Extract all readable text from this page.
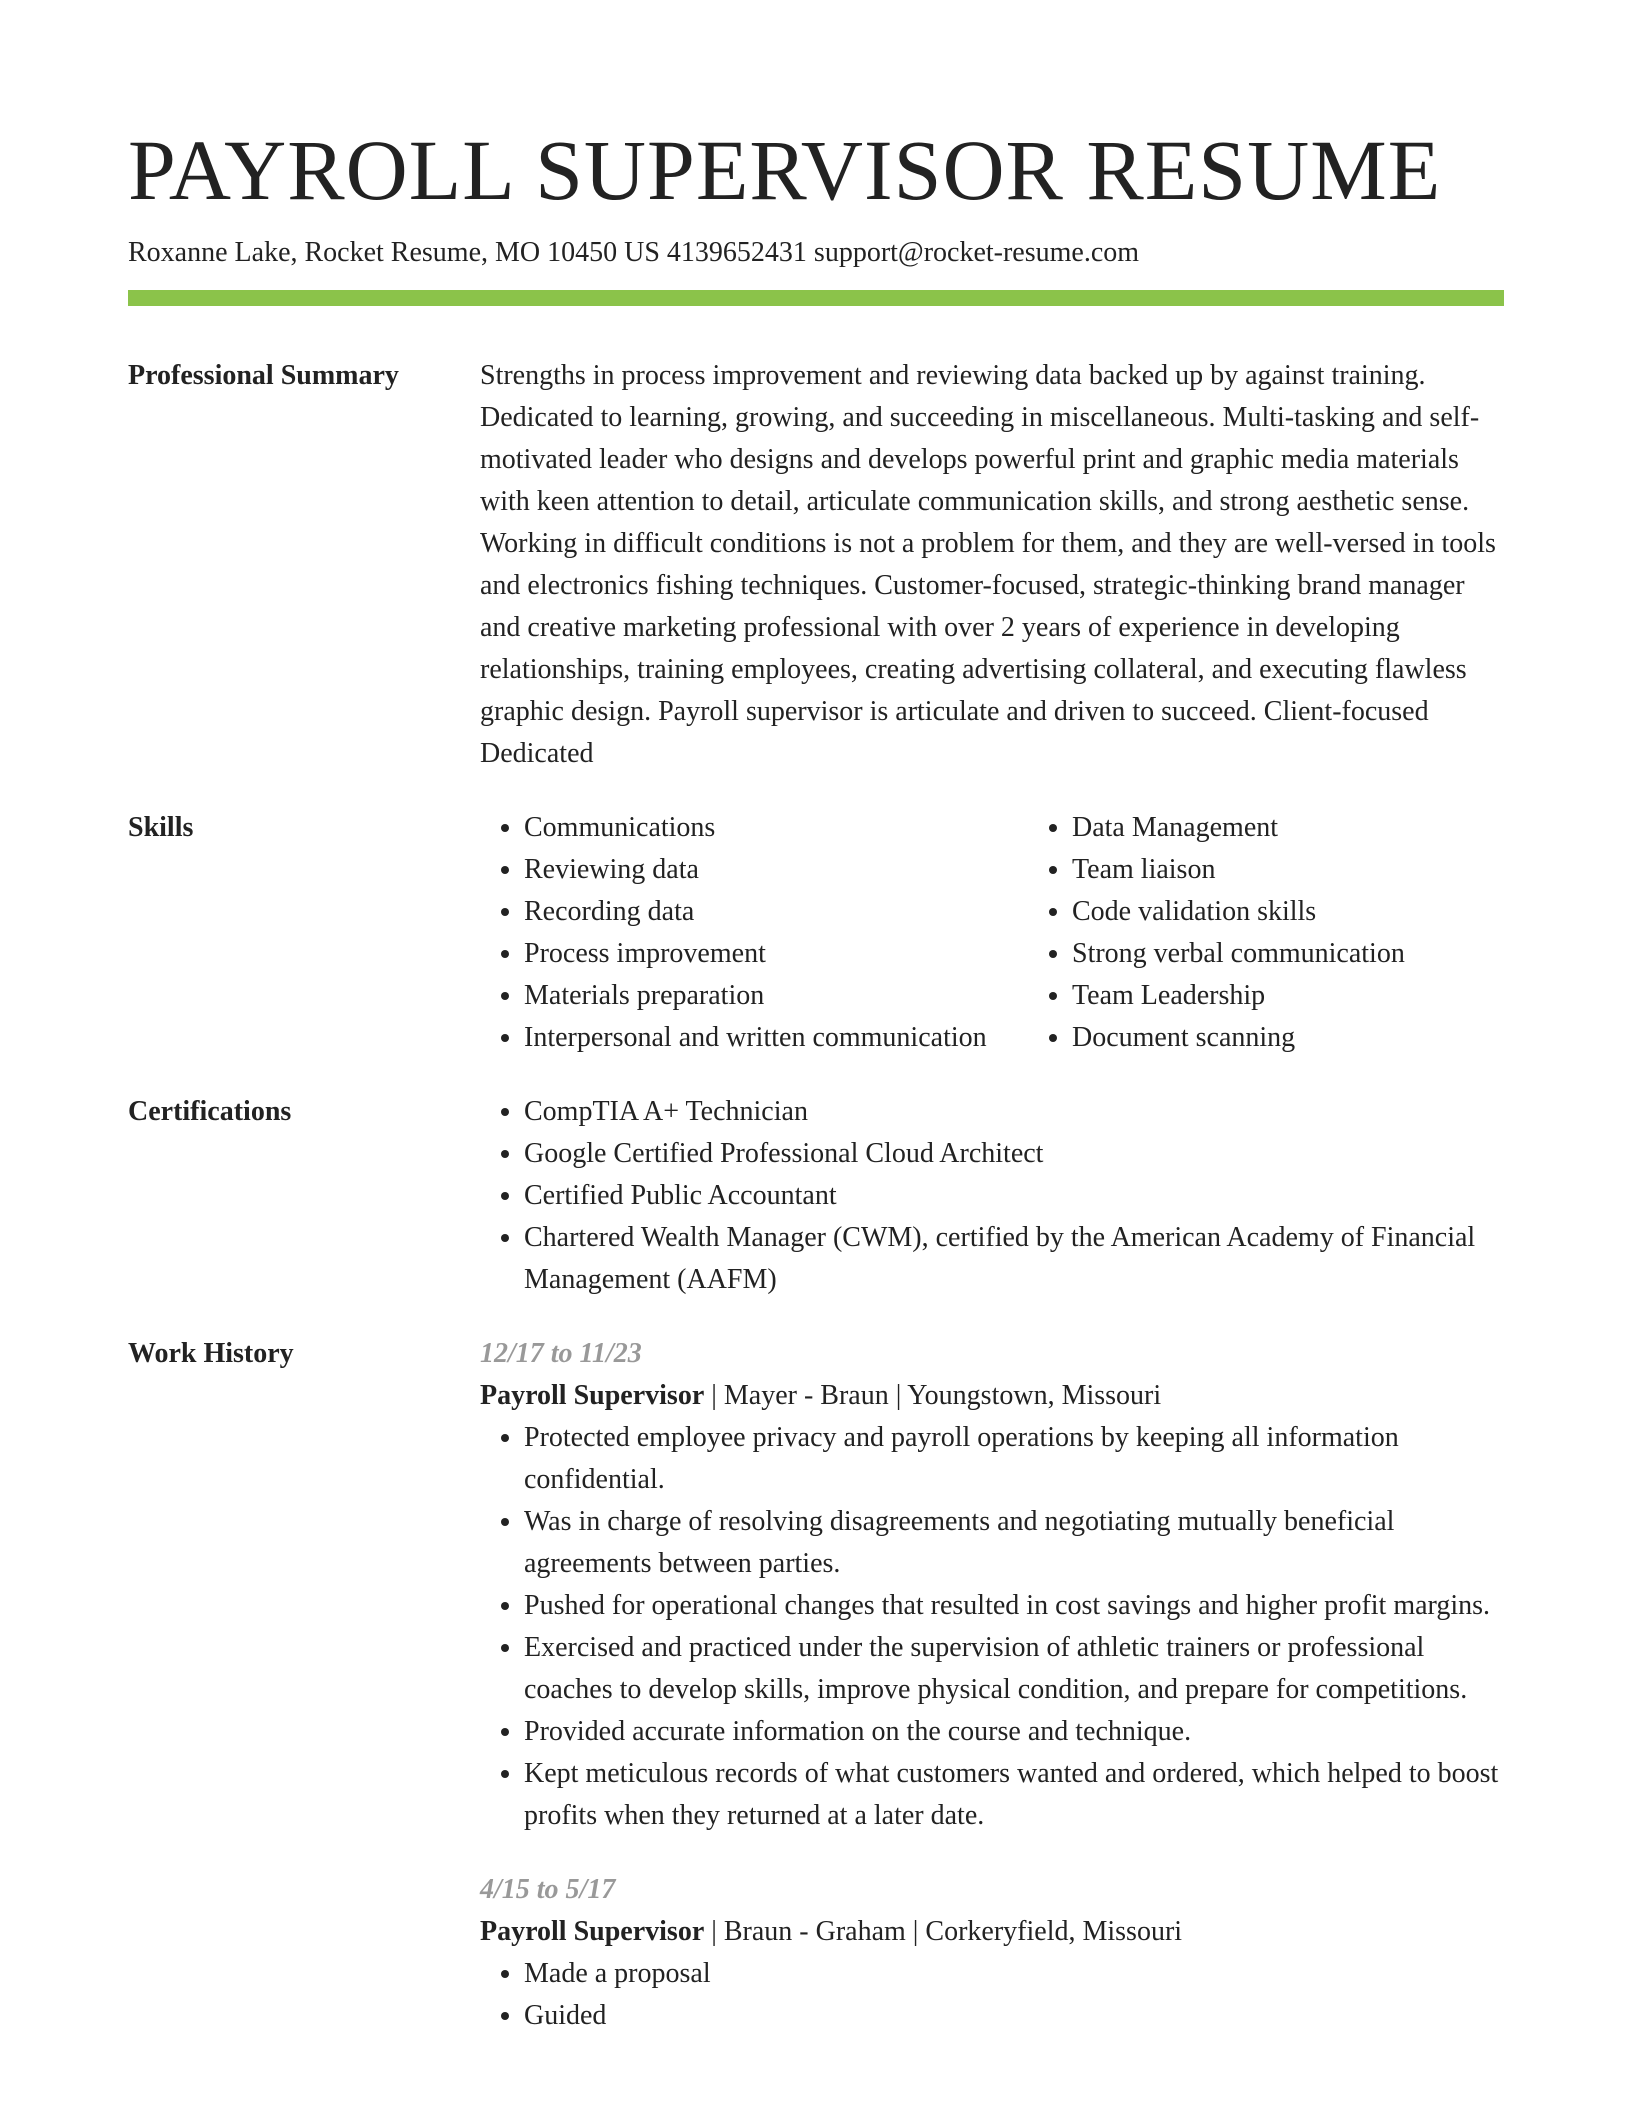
PAYROLL SUPERVISOR RESUME
Roxanne Lake, Rocket Resume, MO 10450 US 4139652431 support@rocket-resume.com
Professional Summary	Strengths in process improvement and reviewing data backed up by against training. Dedicated to learning, growing, and succeeding in miscellaneous. Multi-tasking and self-motivated leader who designs and develops powerful print and graphic media materials with keen attention to detail, articulate communication skills, and strong aesthetic sense. Working in difficult conditions is not a problem for them, and they are well-versed in tools and electronics fishing techniques. Customer-focused, strategic-thinking brand manager and creative marketing professional with over 2 years of experience in developing relationships, training employees, creating advertising collateral, and executing flawless graphic design. Payroll supervisor is articulate and driven to succeed. Client-focused Dedicated
Skills	• Communications
• Reviewing data
• Recording data
• Process improvement
• Materials preparation
• Interpersonal and written communication
• Data Management
• Team liaison
• Code validation skills
• Strong verbal communication
• Team Leadership
• Document scanning
Certifications	• CompTIA A+ Technician
• Google Certified Professional Cloud Architect
• Certified Public Accountant
• Chartered Wealth Manager (CWM), certified by the American Academy of Financial Management (AAFM)
Work History	12/17 to 11/23
Payroll Supervisor | Mayer - Braun | Youngstown, Missouri
• Protected employee privacy and payroll operations by keeping all information confidential.
• Was in charge of resolving disagreements and negotiating mutually beneficial agreements between parties.
• Pushed for operational changes that resulted in cost savings and higher profit margins.
• Exercised and practiced under the supervision of athletic trainers or professional coaches to develop skills, improve physical condition, and prepare for competitions.
• Provided accurate information on the course and technique.
• Kept meticulous records of what customers wanted and ordered, which helped to boost profits when they returned at a later date.
4/15 to 5/17
Payroll Supervisor | Braun - Graham | Corkeryfield, Missouri
• Made a proposal
• Guided
